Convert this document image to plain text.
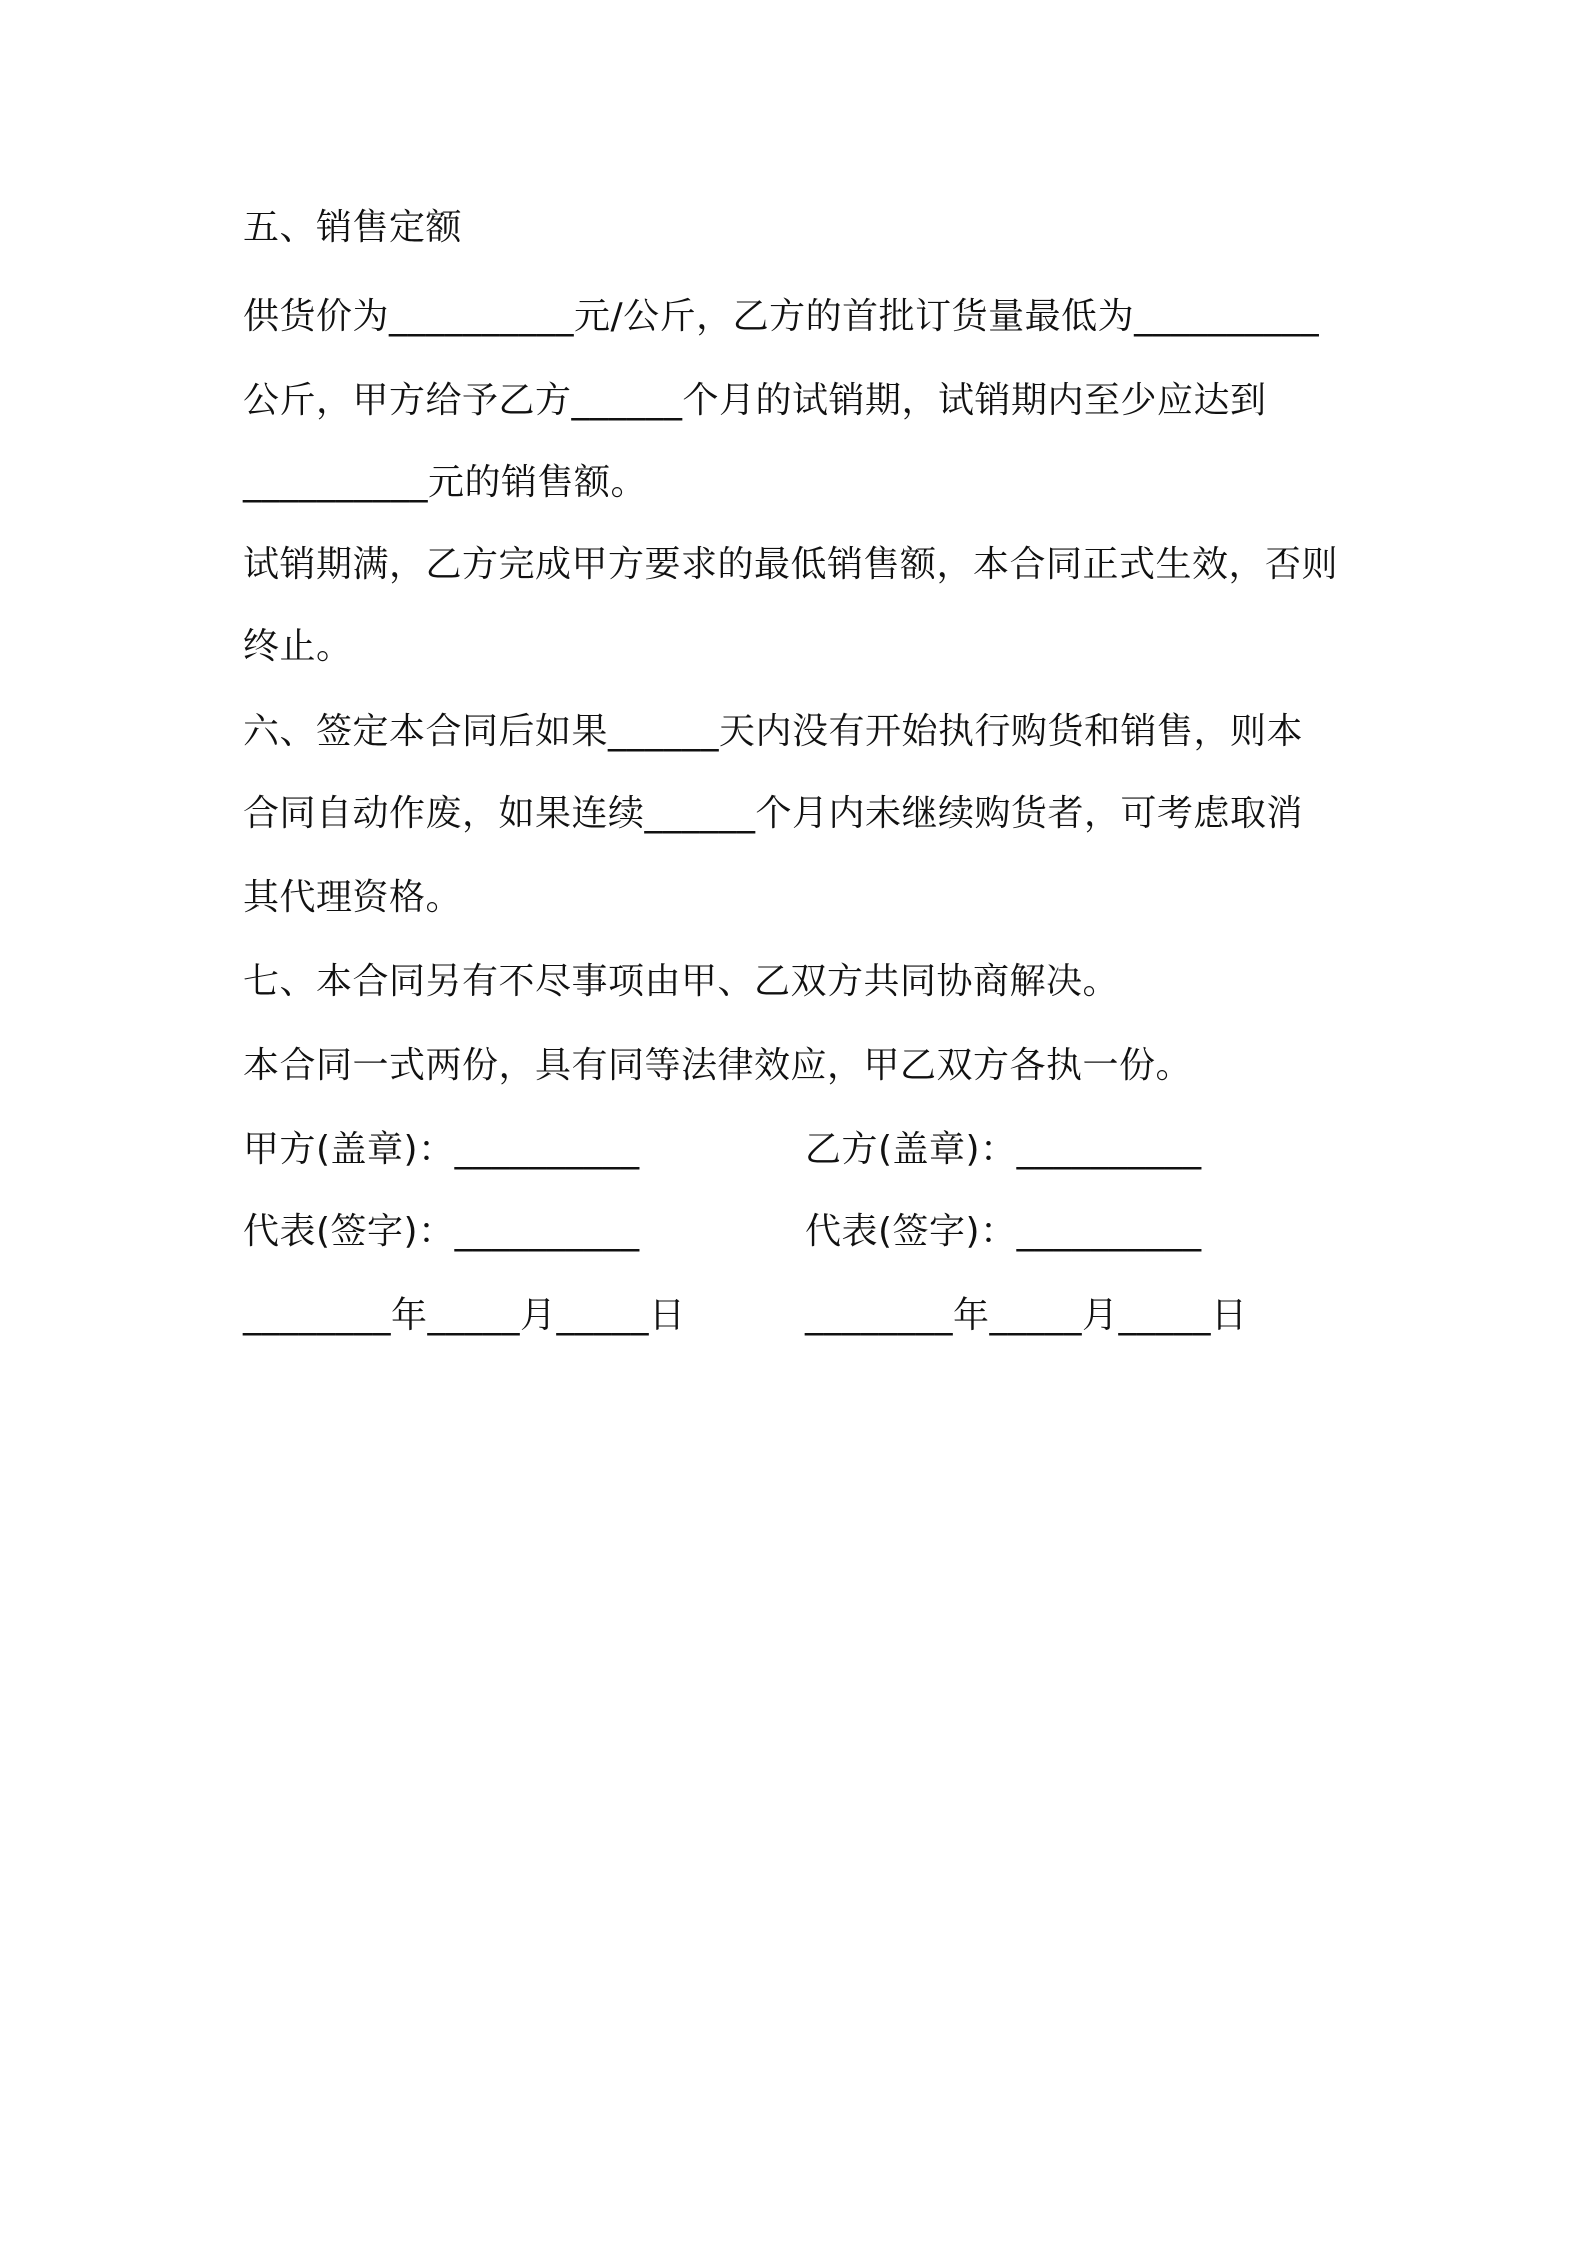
五、销售定额
供货价为__________元/公斤，乙方的首批订货量最低为__________
公斤，甲方给予乙方______个月的试销期，试销期内至少应达到
__________元的销售额。
试销期满，乙方完成甲方要求的最低销售额，本合同正式生效，否则
终止。
六、签定本合同后如果______天内没有开始执行购货和销售，则本
合同自动作废，如果连续______个月内未继续购货者，可考虑取消
其代理资格。
七、本合同另有不尽事项由甲、乙双方共同协商解决。
本合同一式两份，具有同等法律效应，甲乙双方各执一份。
甲方(盖章)：__________	乙方(盖章)：__________
代表(签字)：__________	代表(签字)：__________
________年_____月_____日	________年_____月_____日
